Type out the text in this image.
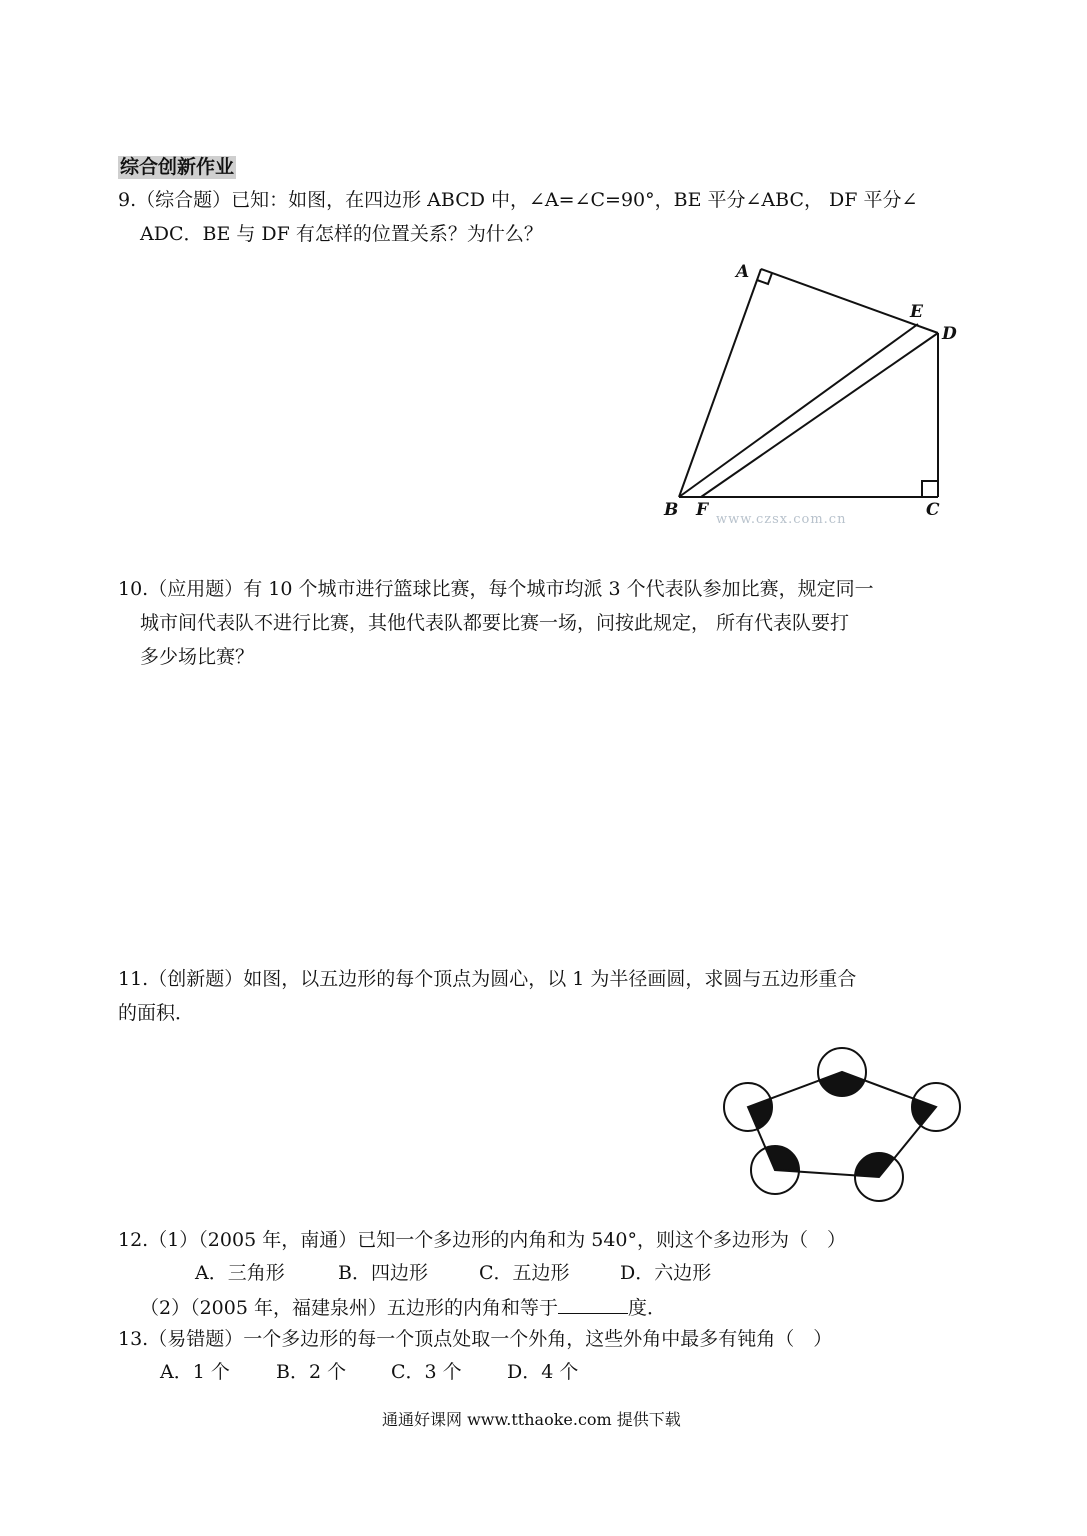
综合创新作业
9.（综合题）已知：如图，在四边形 ABCD 中，∠A=∠C=90°，BE 平分∠ABC， DF 平分∠
ADC．BE 与 DF 有怎样的位置关系？为什么？
A
E
D
B F	C
www.czsx.com.cn
10.（应用题）有 10 个城市进行篮球比赛，每个城市均派 3 个代表队参加比赛，规定同一
城市间代表队不进行比赛，其他代表队都要比赛一场，问按此规定， 所有代表队要打
多少场比赛？
11.（创新题）如图，以五边形的每个顶点为圆心，以 1 为半径画圆，求圆与五边形重合
的面积．
12.（1）（2005 年，南通）已知一个多边形的内角和为 540°，则这个多边形为（　）
A．三角形	B．四边形	C．五边形	D．六边形
（2）（2005 年，福建泉州）五边形的内角和等于	度．
13.（易错题）一个多边形的每一个顶点处取一个外角，这些外角中最多有钝角（　）
A．1 个 B．2 个 C．3 个 D．4 个
通通好课网 www.tthaoke.com 提供下载
